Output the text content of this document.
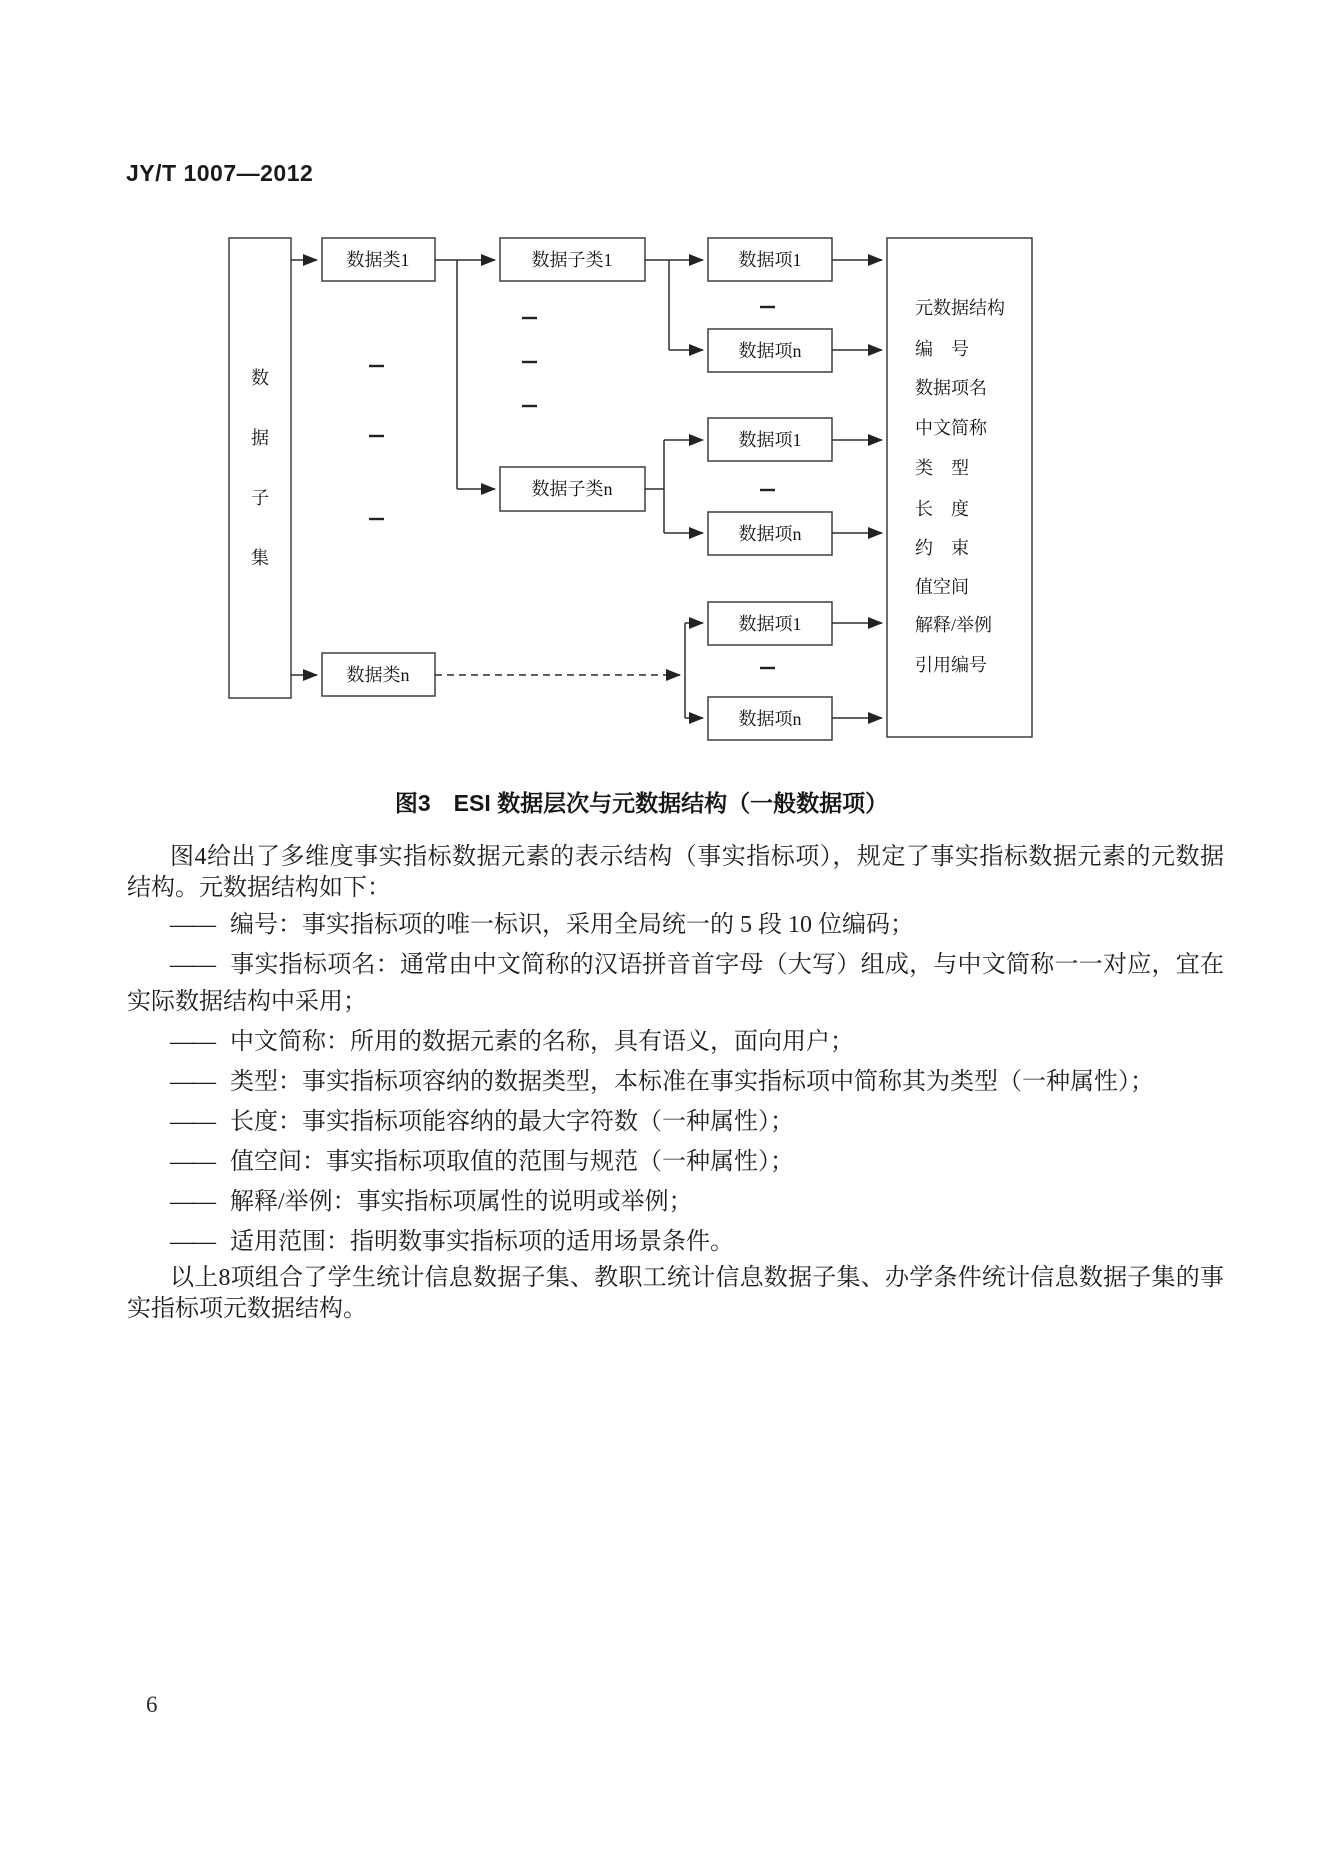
JY/T 1007—2012
数
据
子
集
数据类1
数据类n
数据子类1
数据子类n
数据项1
数据项n
数据项1
数据项n
数据项1
数据项n
元数据结构
编　号
数据项名
中文简称
类　型
长　度
约　束
值空间
解释/举例
引用编号
图3　ESI 数据层次与元数据结构（一般数据项）

图4给出了多维度事实指标数据元素的表示结构（事实指标项），规定了事实指标数据元素的元数据结构。元数据结构如下：

—— 编号：事实指标项的唯一标识，采用全局统一的 5 段 10 位编码；
—— 事实指标项名：通常由中文简称的汉语拼音首字母（大写）组成，与中文简称一一对应，宜在实际数据结构中采用；
—— 中文简称：所用的数据元素的名称，具有语义，面向用户；
—— 类型：事实指标项容纳的数据类型，本标准在事实指标项中简称其为类型（一种属性）；
—— 长度：事实指标项能容纳的最大字符数（一种属性）；
—— 值空间：事实指标项取值的范围与规范（一种属性）；
—— 解释/举例：事实指标项属性的说明或举例；
—— 适用范围：指明数事实指标项的适用场景条件。

以上8项组合了学生统计信息数据子集、教职工统计信息数据子集、办学条件统计信息数据子集的事实指标项元数据结构。

6
